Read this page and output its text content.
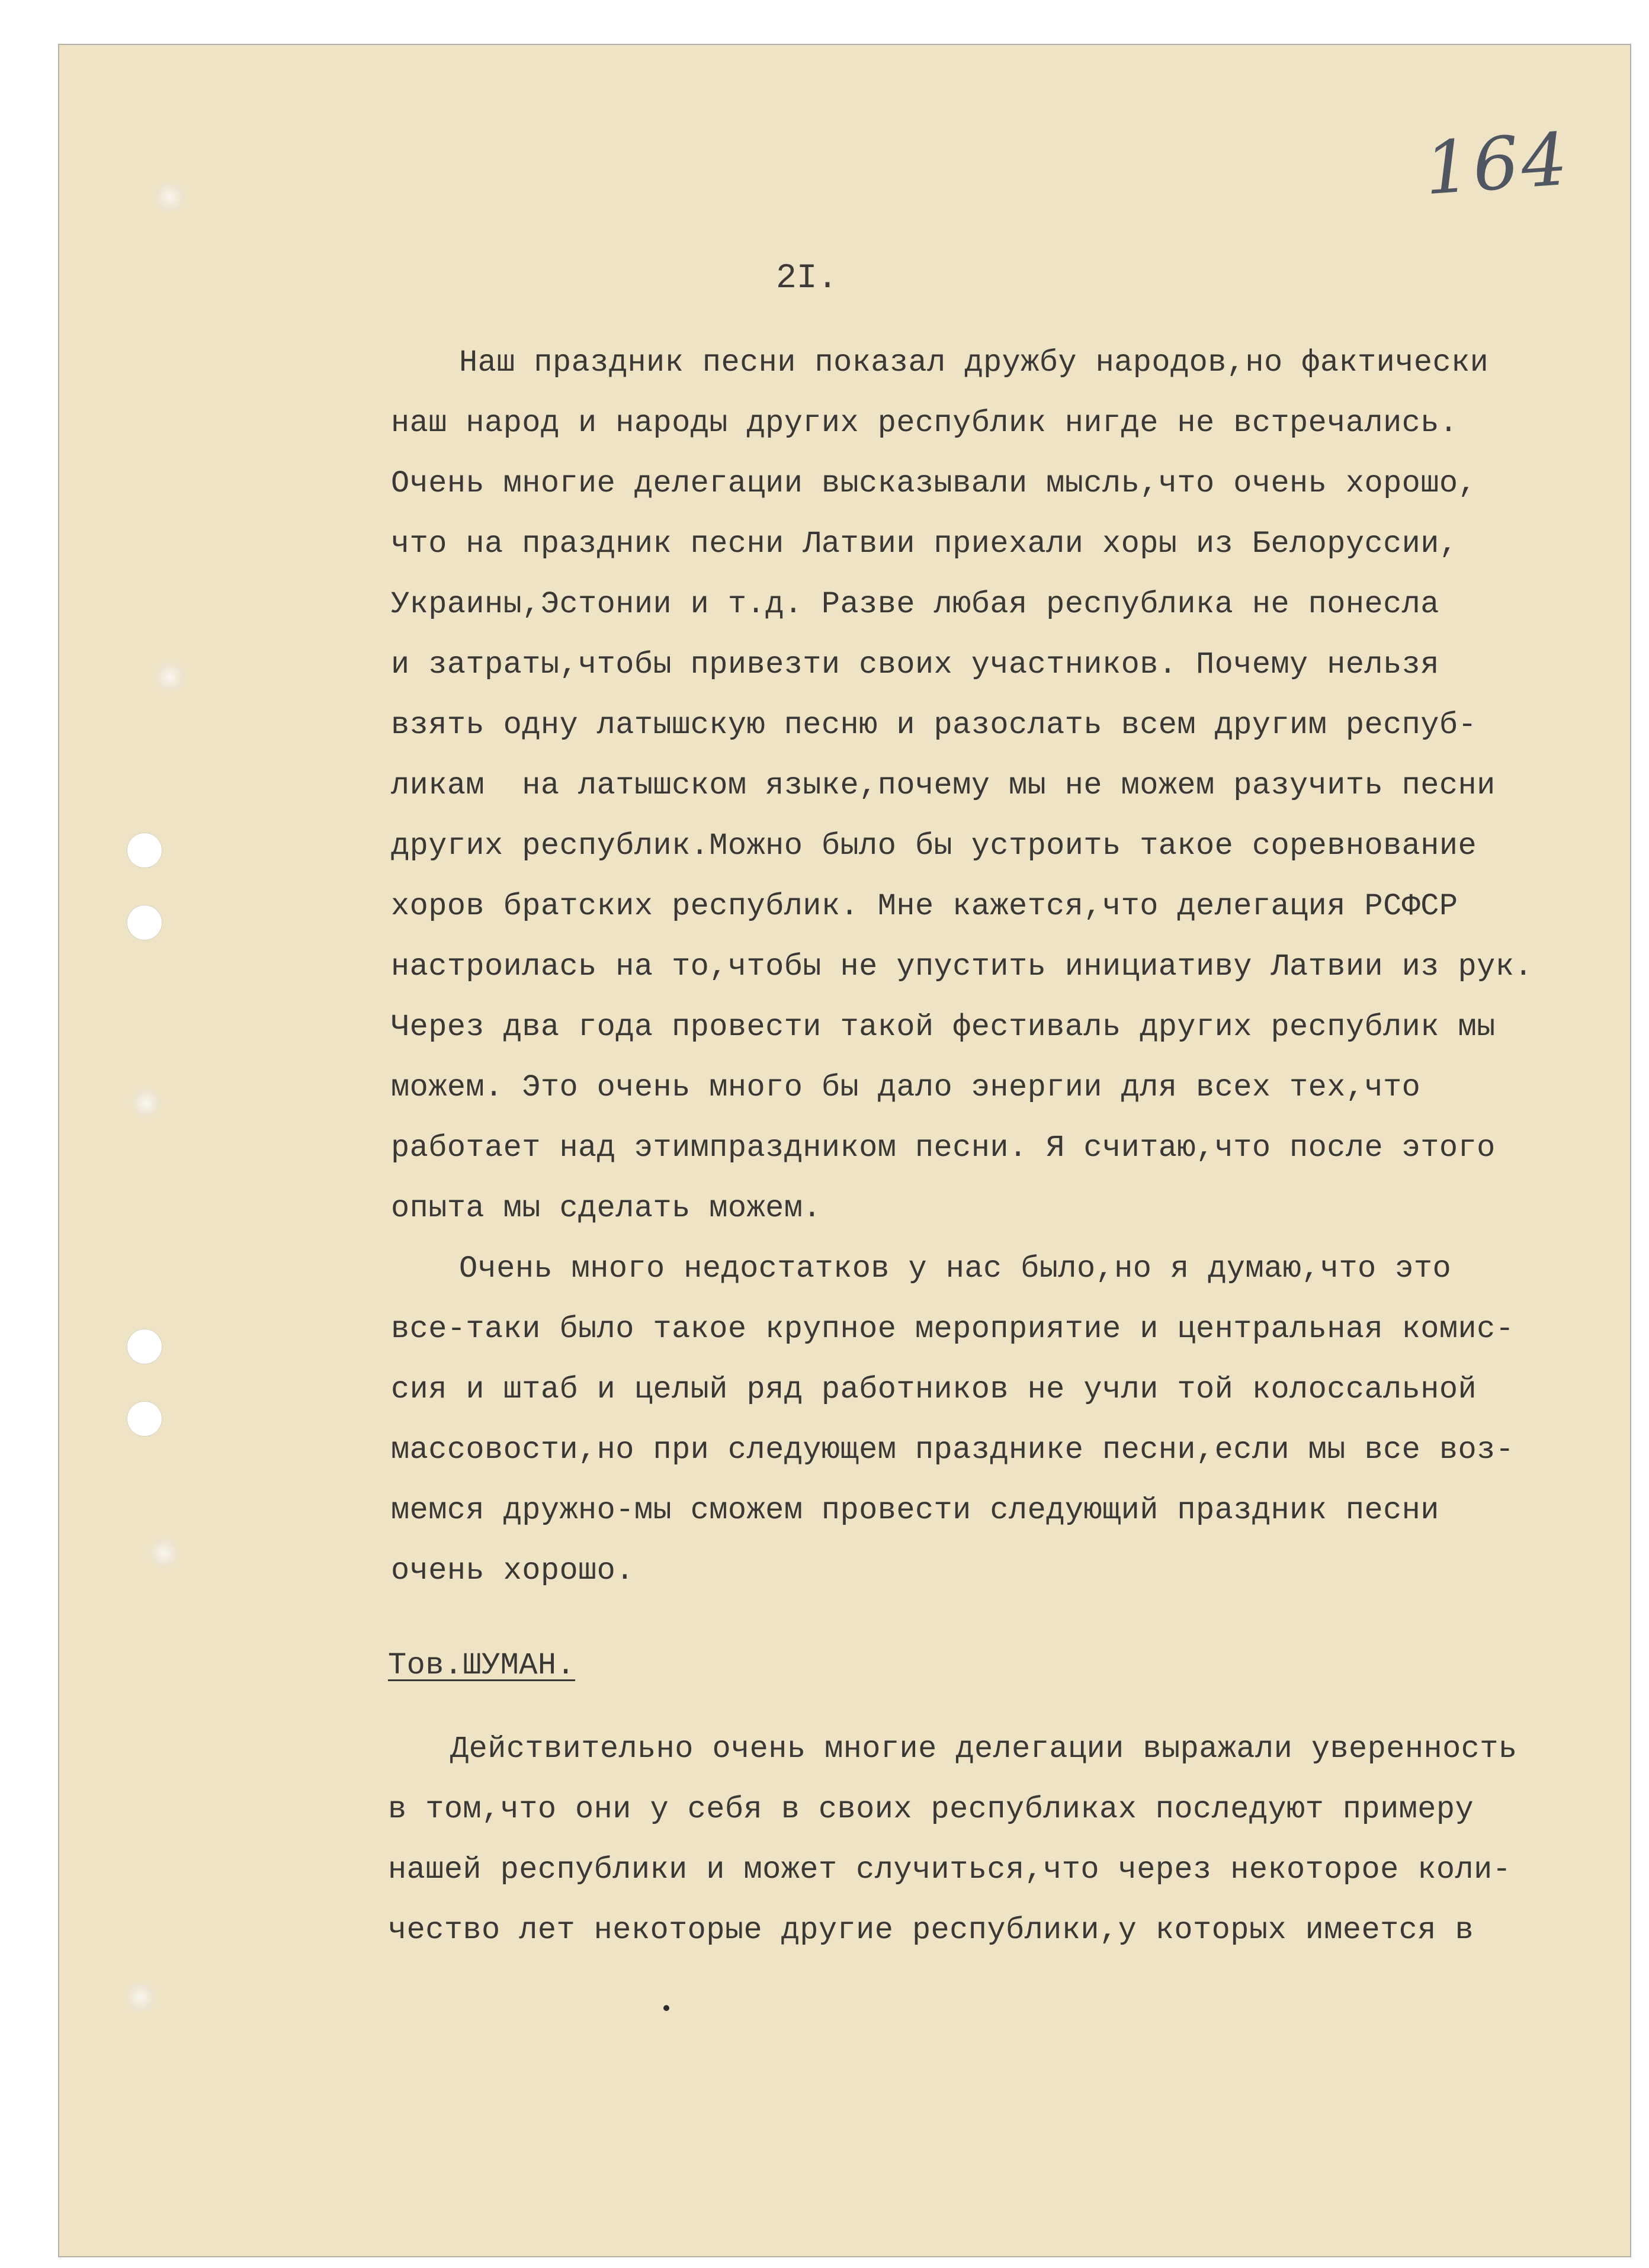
164
2I.
Наш праздник песни показал дружбу народов,но фактически
наш народ и народы других республик нигде не встречались.
Очень многие делегации высказывали мысль,что очень хорошо,
что на праздник песни Латвии приехали хоры из Белоруссии,
Украины,Эстонии и т.д. Разве любая республика не понесла
и затраты,чтобы привезти своих участников. Почему нельзя
взять одну латышскую песню и разослать всем другим респуб-
ликам  на латышском языке,почему мы не можем разучить песни
других республик.Можно было бы устроить такое соревнование
хоров братских республик. Мне кажется,что делегация РСФСР
настроилась на то,чтобы не упустить инициативу Латвии из рук.
Через два года провести такой фестиваль других республик мы
можем. Это очень много бы дало энергии для всех тех,что
работает над этимпраздником песни. Я считаю,что после этого
опыта мы сделать можем.
Очень много недостатков у нас было,но я думаю,что это
все-таки было такое крупное мероприятие и центральная комис-
сия и штаб и целый ряд работников не учли той колоссальной
массовости,но при следующем празднике песни,если мы все воз-
мемся дружно-мы сможем провести следующий праздник песни
очень хорошо.
Тов.ШУМАН.
Действительно очень многие делегации выражали уверенность
в том,что они у себя в своих республиках последуют примеру
нашей республики и может случиться,что через некоторое коли-
чество лет некоторые другие республики,у которых имеется в
